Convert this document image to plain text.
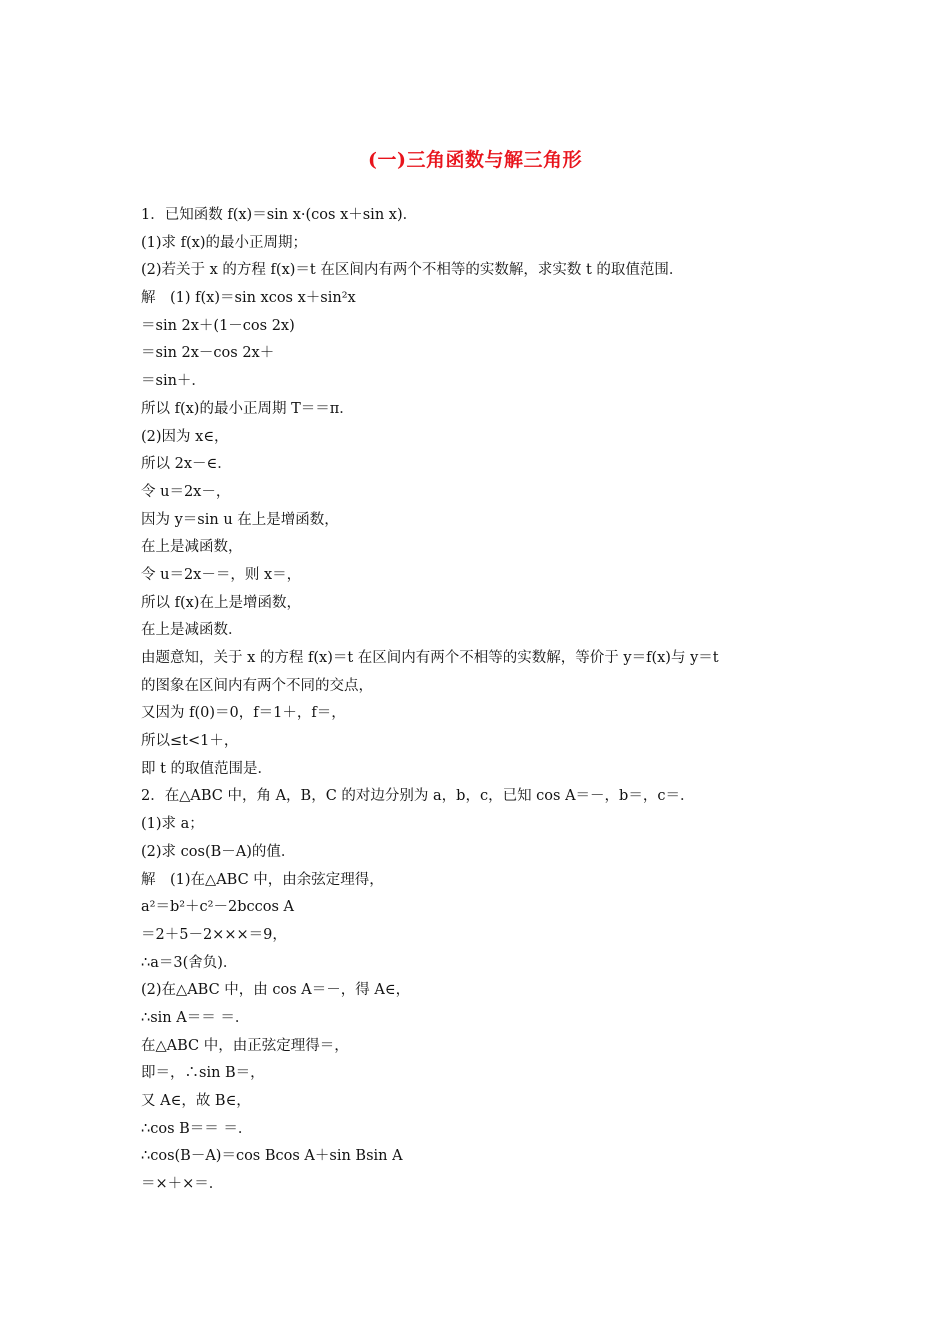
(一)三角函数与解三角形
1．已知函数 f(x)＝sin x·(cos x＋sin x)．
(1)求 f(x)的最小正周期；
(2)若关于 x 的方程 f(x)＝t 在区间内有两个不相等的实数解，求实数 t 的取值范围．
解　(1) f(x)＝sin xcos x＋sin²x
＝sin 2x＋(1－cos 2x)
＝sin 2x－cos 2x＋
＝sin＋．
所以 f(x)的最小正周期 T＝＝π．
(2)因为 x∈，
所以 2x－∈．
令 u＝2x－，
因为 y＝sin u 在上是增函数，
在上是减函数，
令 u＝2x－＝，则 x＝，
所以 f(x)在上是增函数，
在上是减函数．
由题意知，关于 x 的方程 f(x)＝t 在区间内有两个不相等的实数解，等价于 y＝f(x)与 y＝t
的图象在区间内有两个不同的交点，
又因为 f(0)＝0，f＝1＋，f＝，
所以≤t<1＋，
即 t 的取值范围是．
2．在△ABC 中，角 A，B，C 的对边分别为 a，b，c，已知 cos A＝－，b＝，c＝．
(1)求 a；
(2)求 cos(B－A)的值．
解　(1)在△ABC 中，由余弦定理得，
a²＝b²＋c²－2bccos A
＝2＋5－2×××＝9，
∴a＝3(舍负)．
(2)在△ABC 中，由 cos A＝－，得 A∈，
∴sin A＝＝ ＝．
在△ABC 中，由正弦定理得＝，
即＝，∴sin B＝，
又 A∈，故 B∈，
∴cos B＝＝ ＝．
∴cos(B－A)＝cos Bcos A＋sin Bsin A
＝×＋×＝．
